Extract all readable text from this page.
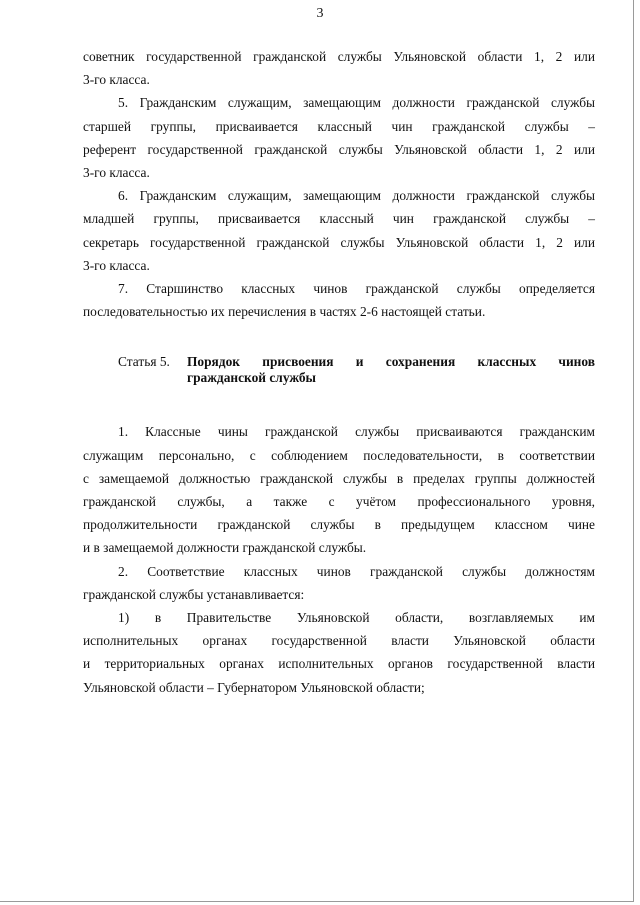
3
советник государственной гражданской службы Ульяновской области 1, 2 или
3-го класса.
5. Гражданским служащим, замещающим должности гражданской службы
старшей группы, присваивается классный чин гражданской службы –
референт государственной гражданской службы Ульяновской области 1, 2 или
3-го класса.
6. Гражданским служащим, замещающим должности гражданской службы
младшей группы, присваивается классный чин гражданской службы –
секретарь государственной гражданской службы Ульяновской области 1, 2 или
3-го класса.
7. Старшинство классных чинов гражданской службы определяется
последовательностью их перечисления в частях 2-6 настоящей статьи.
Статья 5.	Порядок присвоения и сохранения классных чинов
гражданской службы
1. Классные чины гражданской службы присваиваются гражданским
служащим персонально, с соблюдением последовательности, в соответствии
с замещаемой должностью гражданской службы в пределах группы должностей
гражданской службы, а также с учётом профессионального уровня,
продолжительности гражданской службы в предыдущем классном чине
и в замещаемой должности гражданской службы.
2. Соответствие классных чинов гражданской службы должностям
гражданской службы устанавливается:
1) в Правительстве Ульяновской области, возглавляемых им
исполнительных органах государственной власти Ульяновской области
и территориальных органах исполнительных органов государственной власти
Ульяновской области – Губернатором Ульяновской области;
